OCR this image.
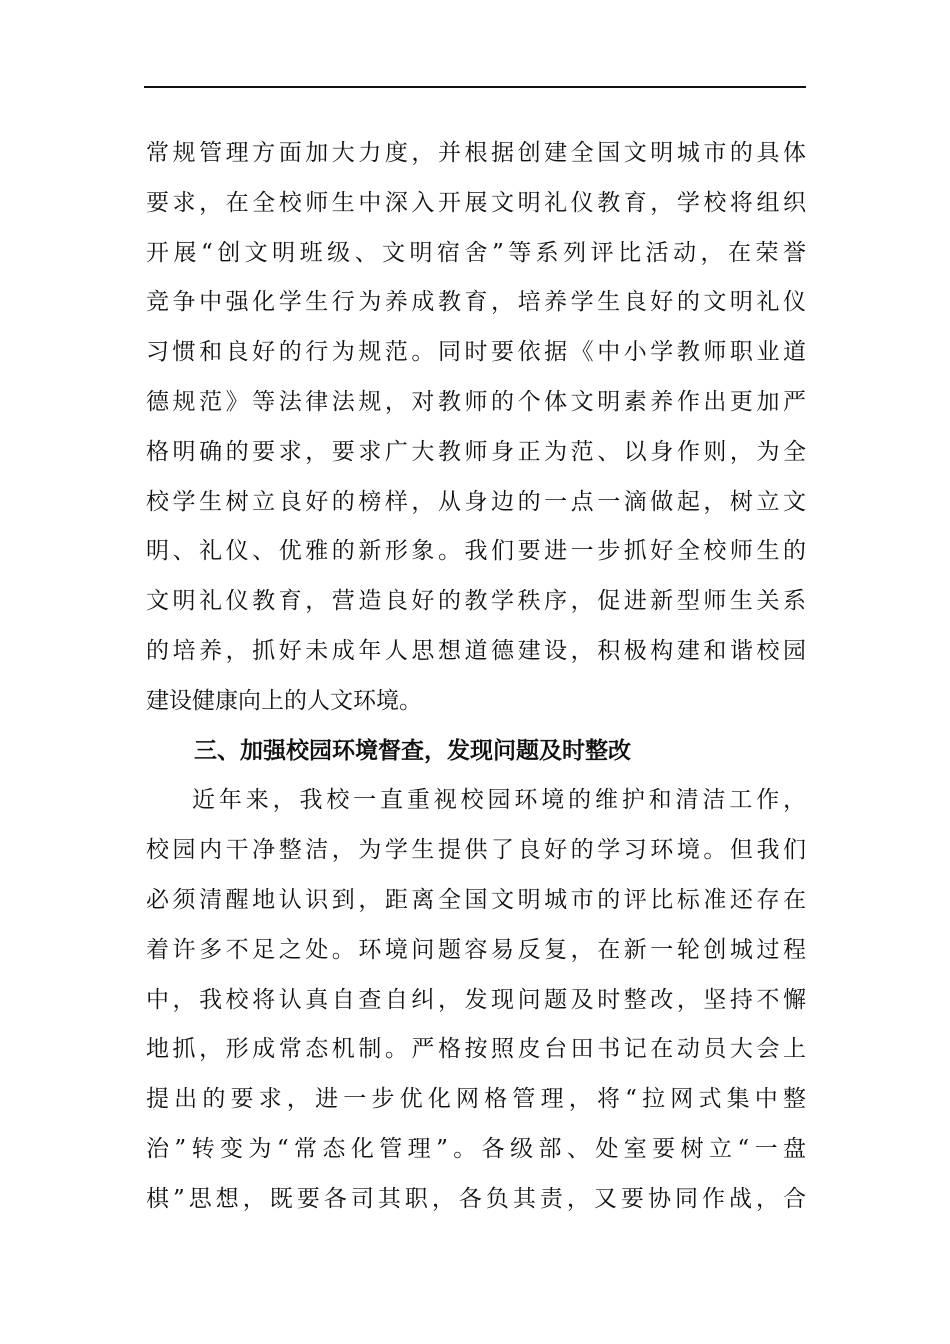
常规管理方面加大力度，并根据创建全国文明城市的具体
要求，在全校师生中深入开展文明礼仪教育，学校将组织
开展“创文明班级、文明宿舍”等系列评比活动，在荣誉
竞争中强化学生行为养成教育，培养学生良好的文明礼仪
习惯和良好的行为规范。同时要依据《中小学教师职业道
德规范》等法律法规，对教师的个体文明素养作出更加严
格明确的要求，要求广大教师身正为范、以身作则，为全
校学生树立良好的榜样，从身边的一点一滴做起，树立文
明、礼仪、优雅的新形象。我们要进一步抓好全校师生的
文明礼仪教育，营造良好的教学秩序，促进新型师生关系
的培养，抓好未成年人思想道德建设，积极构建和谐校园
建设健康向上的人文环境。
三、加强校园环境督查，发现问题及时整改
近年来，我校一直重视校园环境的维护和清洁工作，
校园内干净整洁，为学生提供了良好的学习环境。但我们
必须清醒地认识到，距离全国文明城市的评比标准还存在
着许多不足之处。环境问题容易反复，在新一轮创城过程
中，我校将认真自查自纠，发现问题及时整改，坚持不懈
地抓，形成常态机制。严格按照皮台田书记在动员大会上
提出的要求，进一步优化网格管理，将“拉网式集中整
治”转变为“常态化管理”。各级部、处室要树立“一盘
棋”思想，既要各司其职，各负其责，又要协同作战，合
